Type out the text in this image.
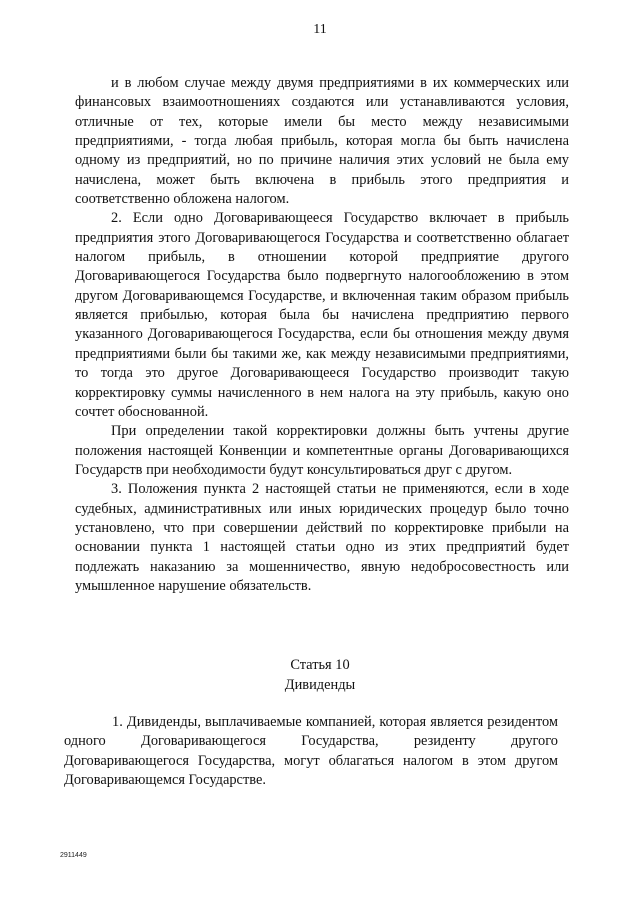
11

и в любом случае между двумя предприятиями в их коммерческих или финансовых взаимоотношениях создаются или устанавливаются условия, отличные от тех, которые имели бы место между независимыми предприятиями, - тогда любая прибыль, которая могла бы быть начислена одному из предприятий, но по причине наличия этих условий не была ему начислена, может быть включена в прибыль этого предприятия и соответственно обложена налогом.

2. Если одно Договаривающееся Государство включает в прибыль предприятия этого Договаривающегося Государства и соответственно облагает налогом прибыль, в отношении которой предприятие другого Договаривающегося Государства было подвергнуто налогообложению в этом другом Договаривающемся Государстве, и включенная таким образом прибыль является прибылью, которая была бы начислена предприятию первого указанного Договаривающегося Государства, если бы отношения между двумя предприятиями были бы такими же, как между независимыми предприятиями, то тогда это другое Договаривающееся Государство производит такую корректировку суммы начисленного в нем налога на эту прибыль, какую оно сочтет обоснованной.

При определении такой корректировки должны быть учтены другие положения настоящей Конвенции и компетентные органы Договаривающихся Государств при необходимости будут консультироваться друг с другом.

3. Положения пункта 2 настоящей статьи не применяются, если в ходе судебных, административных или иных юридических процедур было точно установлено, что при совершении действий по корректировке прибыли на основании пункта 1 настоящей статьи одно из этих предприятий будет подлежать наказанию за мошенничество, явную недобросовестность или умышленное нарушение обязательств.

Статья 10
Дивиденды

1. Дивиденды, выплачиваемые компанией, которая является резидентом одного Договаривающегося Государства, резиденту другого Договаривающегося Государства, могут облагаться налогом в этом другом Договаривающемся Государстве.

2911449
